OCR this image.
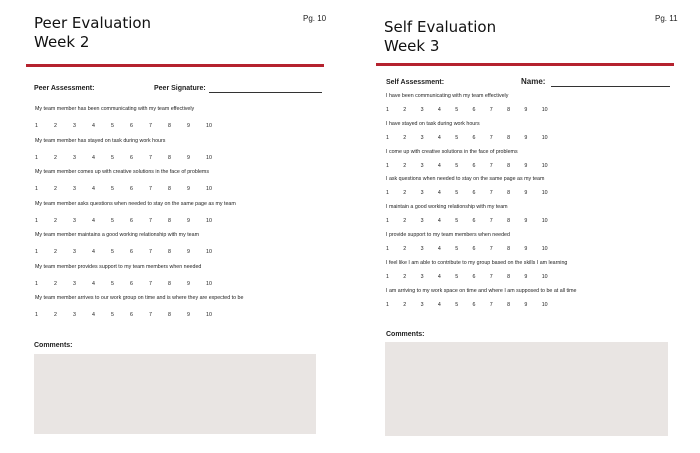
Peer Evaluation
Week 2
Pg. 10
Peer Assessment:	Peer Signature:
My team member has been communicating with my team effectively
1	2	3	4	5	6	7	8	9	10
My team member has stayed on task during work hours
1	2	3	4	5	6	7	8	9	10
My team member comes up with creative solutions in the face of problems
1	2	3	4	5	6	7	8	9	10
My team member asks questions when needed to stay on the same page as my team
1	2	3	4	5	6	7	8	9	10
My team member maintains a good working relationship with my team
1	2	3	4	5	6	7	8	9	10
My team member provides support to my team members when needed
1	2	3	4	5	6	7	8	9	10
My team member arrives to our work group on time and is where they are expected to be
1	2	3	4	5	6	7	8	9	10
Comments:
Self Evaluation
Week 3
Pg. 11
Self Assessment:	Name:
I have been communicating with my team effectively
1	2	3	4	5	6	7	8	9	10
I have stayed on task during work hours
1	2	3	4	5	6	7	8	9	10
I come up with creative solutions in the face of problems
1	2	3	4	5	6	7	8	9	10
I ask questions when needed to stay on the same page as my team
1	2	3	4	5	6	7	8	9	10
I maintain a good working relationship with my team
1	2	3	4	5	6	7	8	9	10
I provide support to my team members when needed
1	2	3	4	5	6	7	8	9	10
I feel like I am able to contribute to my group based on the skills I am learning
1	2	3	4	5	6	7	8	9	10
I am arriving to my work space on time and where I am supposed to be at all time
1	2	3	4	5	6	7	8	9	10
Comments:
